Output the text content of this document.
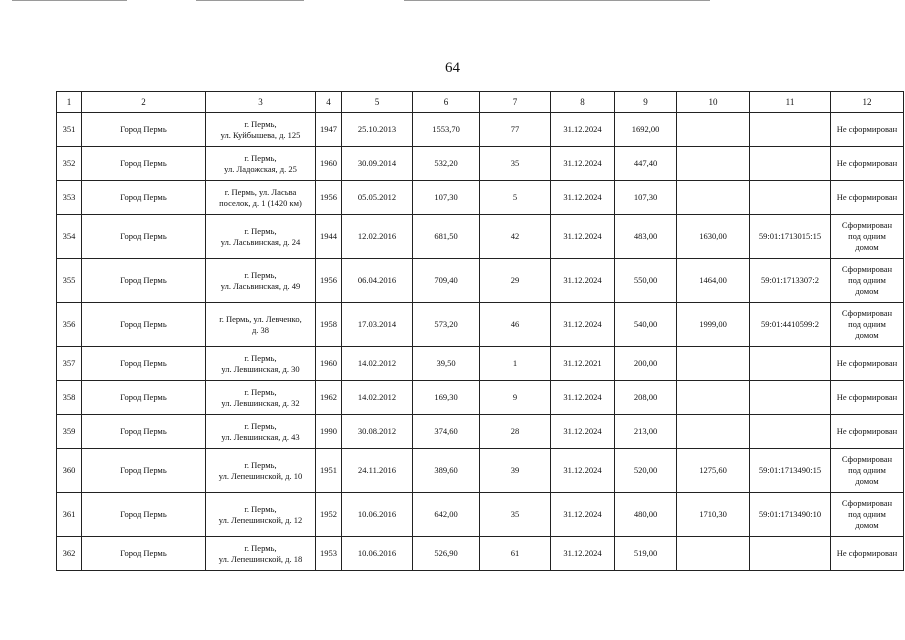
64
1	2	3	4	5	6	7	8	9	10	11	12
351	Город Пермь	г. Пермь,
ул. Куйбышева, д. 125	1947	25.10.2013	1553,70	77	31.12.2024	1692,00			Не сформирован

352	Город Пермь	г. Пермь,
ул. Ладожская, д. 25	1960	30.09.2014	532,20	35	31.12.2024	447,40			Не сформирован

353	Город Пермь	г. Пермь, ул. Ласьва
поселок, д. 1 (1420 км)	1956	05.05.2012	107,30	5	31.12.2024	107,30			Не сформирован

354	Город Пермь	г. Пермь,
ул. Ласьвинская, д. 24	1944	12.02.2016	681,50	42	31.12.2024	483,00	1630,00	59:01:1713015:15	Сформирован
под одним
домом

355	Город Пермь	г. Пермь,
ул. Ласьвинская, д. 49	1956	06.04.2016	709,40	29	31.12.2024	550,00	1464,00	59:01:1713307:2	Сформирован
под одним
домом

356	Город Пермь	г. Пермь, ул. Левченко,
д. 38	1958	17.03.2014	573,20	46	31.12.2024	540,00	1999,00	59:01:4410599:2	Сформирован
под одним
домом

357	Город Пермь	г. Пермь,
ул. Левшинская, д. 30	1960	14.02.2012	39,50	1	31.12.2021	200,00			Не сформирован

358	Город Пермь	г. Пермь,
ул. Левшинская, д. 32	1962	14.02.2012	169,30	9	31.12.2024	208,00			Не сформирован

359	Город Пермь	г. Пермь,
ул. Левшинская, д. 43	1990	30.08.2012	374,60	28	31.12.2024	213,00			Не сформирован

360	Город Пермь	г. Пермь,
ул. Лепешинской, д. 10	1951	24.11.2016	389,60	39	31.12.2024	520,00	1275,60	59:01:1713490:15	Сформирован
под одним
домом

361	Город Пермь	г. Пермь,
ул. Лепешинской, д. 12	1952	10.06.2016	642,00	35	31.12.2024	480,00	1710,30	59:01:1713490:10	Сформирован
под одним
домом

362	Город Пермь	г. Пермь,
ул. Лепешинской, д. 18	1953	10.06.2016	526,90	61	31.12.2024	519,00			Не сформирован
